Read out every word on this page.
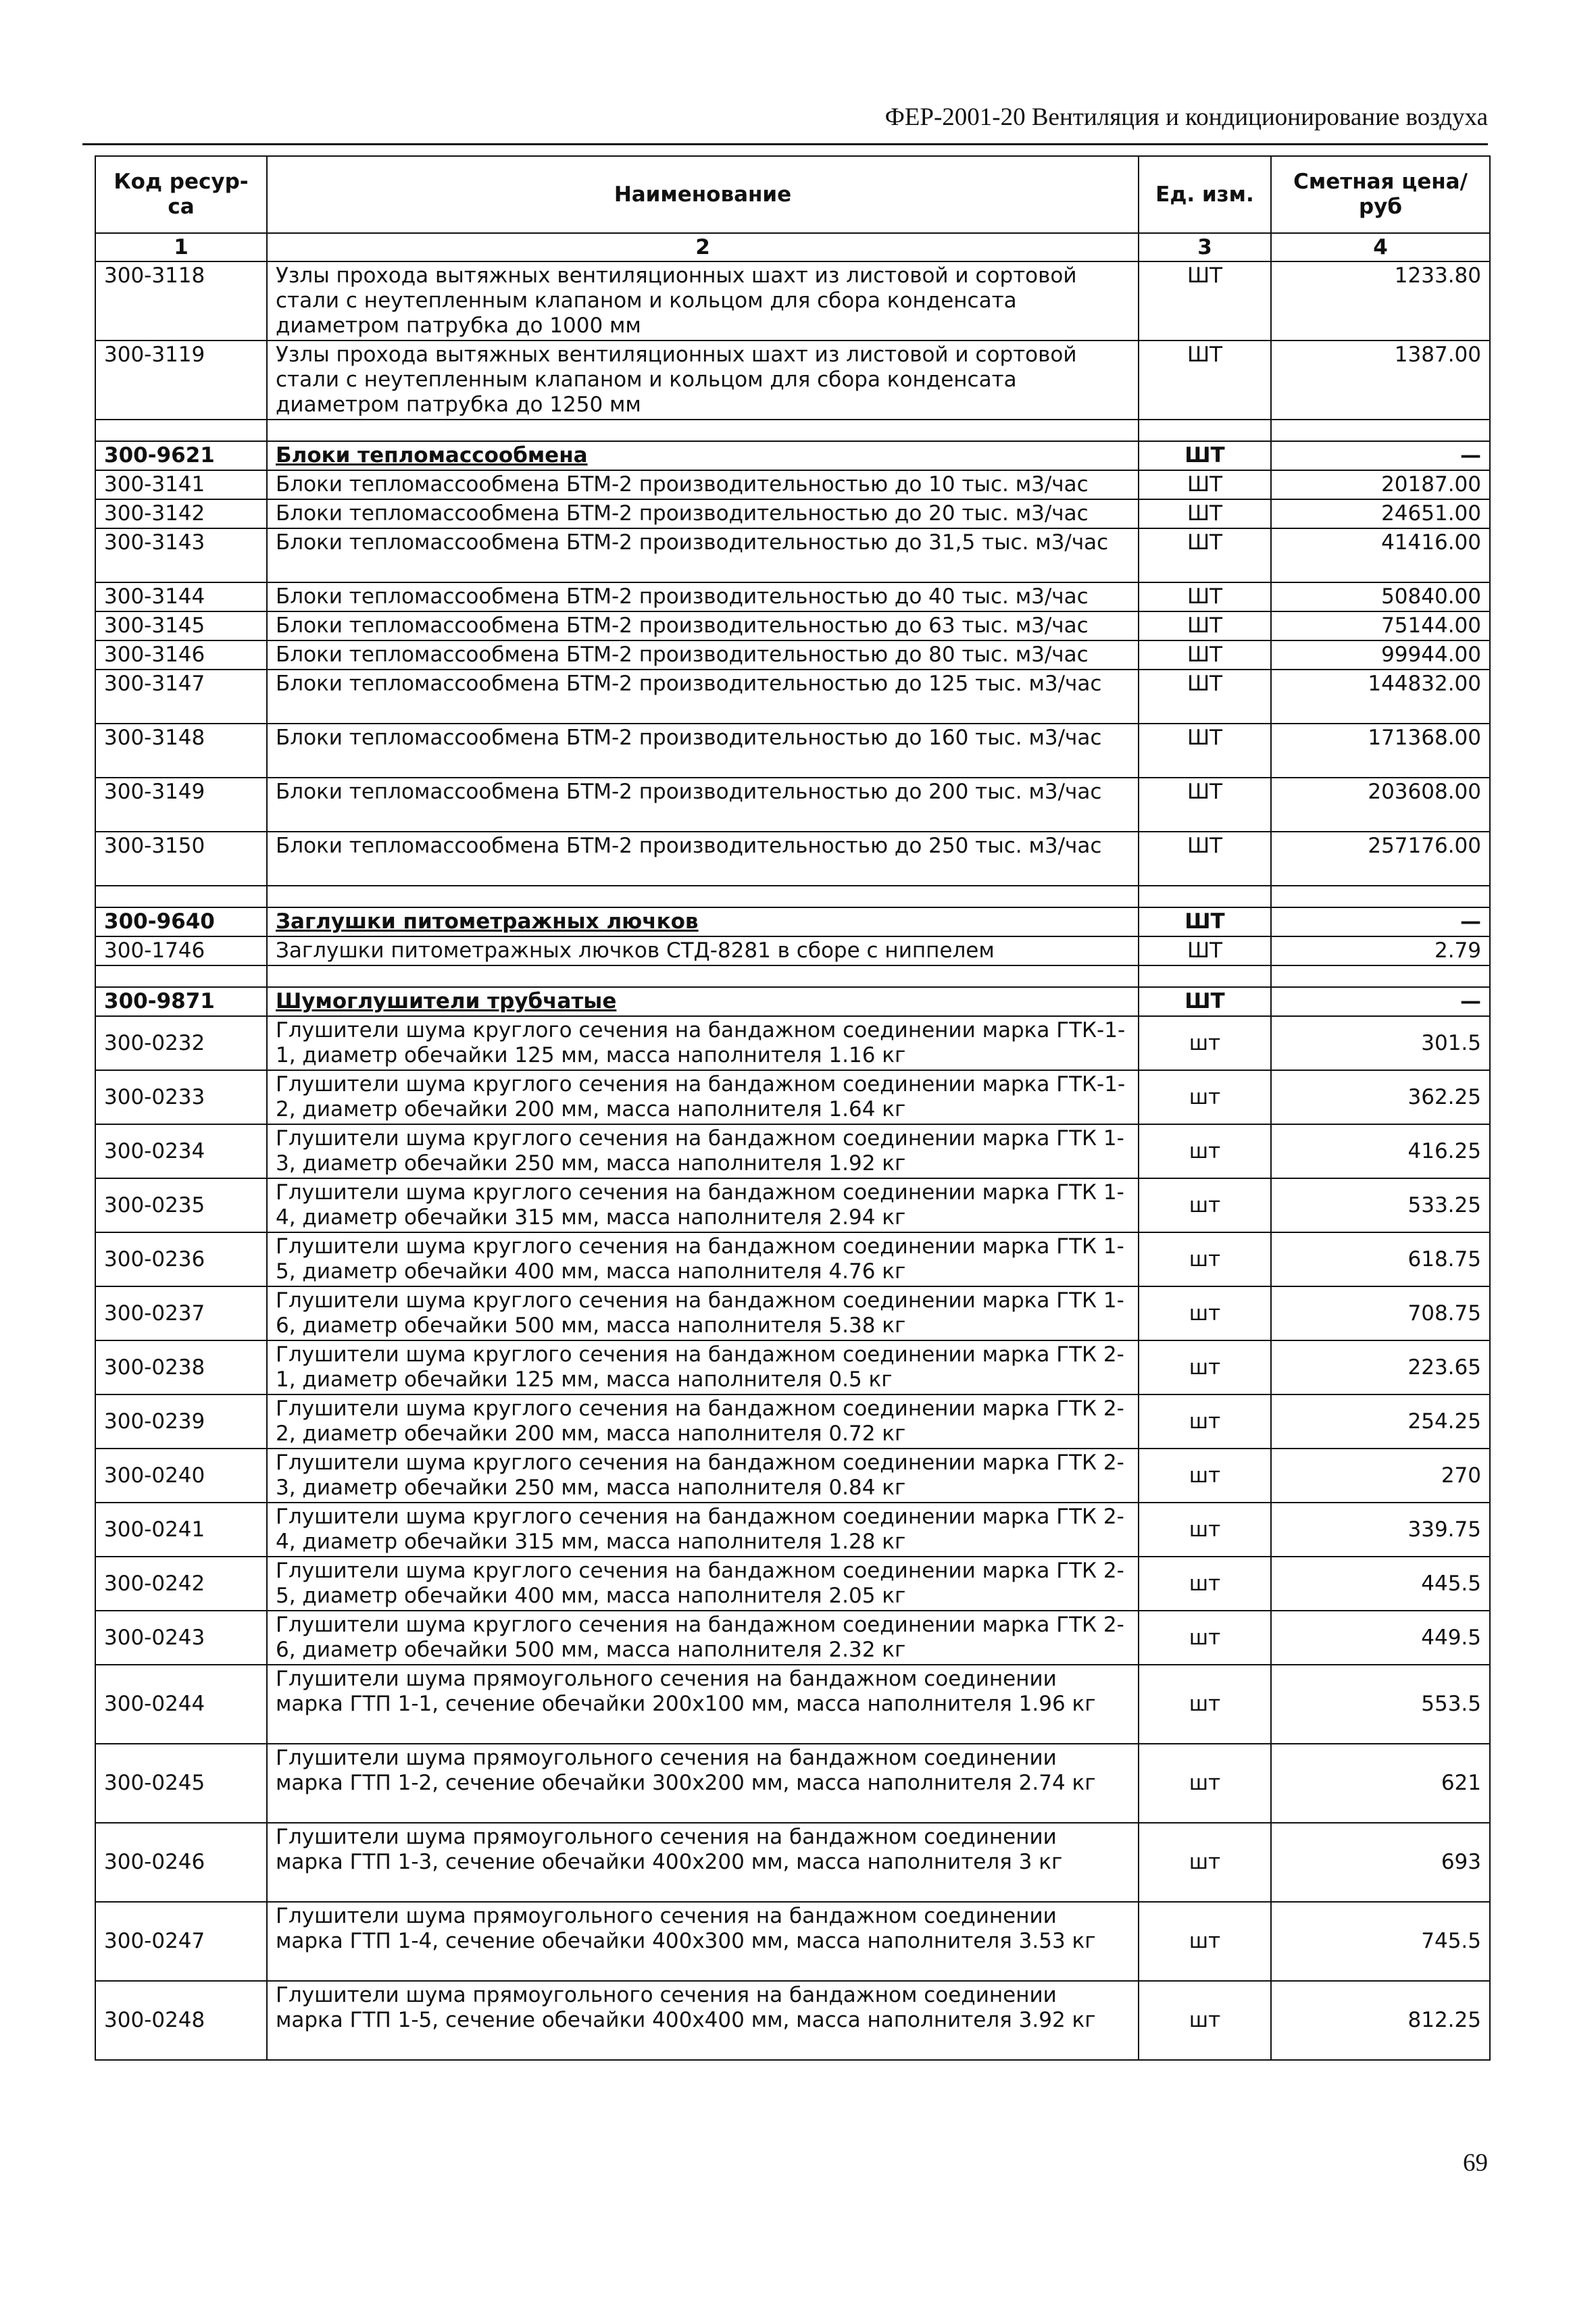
ФЕР-2001-20 Вентиляция и кондиционирование воздуха
Код ресур-са	Наименование	Ед. изм.	Сметная цена/руб
1	2	3	4
300-3118	Узлы прохода вытяжных вентиляционных шахт из листовой и сортовой стали с неутепленным клапаном и кольцом для сбора конденсата диаметром патрубка до 1000 мм	ШТ	1233.80
300-3119	Узлы прохода вытяжных вентиляционных шахт из листовой и сортовой стали с неутепленным клапаном и кольцом для сбора конденсата диаметром патрубка до 1250 мм	ШТ	1387.00

300-9621	Блоки тепломассообмена	ШТ	—
300-3141	Блоки тепломассообмена БТМ-2 производительностью до 10 тыс. м3/час	ШТ	20187.00
300-3142	Блоки тепломассообмена БТМ-2 производительностью до 20 тыс. м3/час	ШТ	24651.00
300-3143	Блоки тепломассообмена БТМ-2 производительностью до 31,5 тыс. м3/час	ШТ	41416.00
300-3144	Блоки тепломассообмена БТМ-2 производительностью до 40 тыс. м3/час	ШТ	50840.00
300-3145	Блоки тепломассообмена БТМ-2 производительностью до 63 тыс. м3/час	ШТ	75144.00
300-3146	Блоки тепломассообмена БТМ-2 производительностью до 80 тыс. м3/час	ШТ	99944.00
300-3147	Блоки тепломассообмена БТМ-2 производительностью до 125 тыс. м3/час	ШТ	144832.00
300-3148	Блоки тепломассообмена БТМ-2 производительностью до 160 тыс. м3/час	ШТ	171368.00
300-3149	Блоки тепломассообмена БТМ-2 производительностью до 200 тыс. м3/час	ШТ	203608.00
300-3150	Блоки тепломассообмена БТМ-2 производительностью до 250 тыс. м3/час	ШТ	257176.00

300-9640	Заглушки питометражных лючков	ШТ	—
300-1746	Заглушки питометражных лючков СТД-8281 в сборе с ниппелем	ШТ	2.79

300-9871	Шумоглушители трубчатые	ШТ	—
300-0232	Глушители шума круглого сечения на бандажном соединении марка ГТК-1-1, диаметр обечайки 125 мм, масса наполнителя 1.16 кг	шт	301.5
300-0233	Глушители шума круглого сечения на бандажном соединении марка ГТК-1-2, диаметр обечайки 200 мм, масса наполнителя 1.64 кг	шт	362.25
300-0234	Глушители шума круглого сечения на бандажном соединении марка ГТК 1-3, диаметр обечайки 250 мм, масса наполнителя 1.92 кг	шт	416.25
300-0235	Глушители шума круглого сечения на бандажном соединении марка ГТК 1-4, диаметр обечайки 315 мм, масса наполнителя 2.94 кг	шт	533.25
300-0236	Глушители шума круглого сечения на бандажном соединении марка ГТК 1-5, диаметр обечайки 400 мм, масса наполнителя 4.76 кг	шт	618.75
300-0237	Глушители шума круглого сечения на бандажном соединении марка ГТК 1-6, диаметр обечайки 500 мм, масса наполнителя 5.38 кг	шт	708.75
300-0238	Глушители шума круглого сечения на бандажном соединении марка ГТК 2-1, диаметр обечайки 125 мм, масса наполнителя 0.5 кг	шт	223.65
300-0239	Глушители шума круглого сечения на бандажном соединении марка ГТК 2-2, диаметр обечайки 200 мм, масса наполнителя 0.72 кг	шт	254.25
300-0240	Глушители шума круглого сечения на бандажном соединении марка ГТК 2-3, диаметр обечайки 250 мм, масса наполнителя 0.84 кг	шт	270
300-0241	Глушители шума круглого сечения на бандажном соединении марка ГТК 2-4, диаметр обечайки 315 мм, масса наполнителя 1.28 кг	шт	339.75
300-0242	Глушители шума круглого сечения на бандажном соединении марка ГТК 2-5, диаметр обечайки 400 мм, масса наполнителя 2.05 кг	шт	445.5
300-0243	Глушители шума круглого сечения на бандажном соединении марка ГТК 2-6, диаметр обечайки 500 мм, масса наполнителя 2.32 кг	шт	449.5
300-0244	Глушители шума прямоугольного сечения на бандажном соединении марка ГТП 1-1, сечение обечайки 200х100 мм, масса наполнителя 1.96 кг	шт	553.5
300-0245	Глушители шума прямоугольного сечения на бандажном соединении марка ГТП 1-2, сечение обечайки 300х200 мм, масса наполнителя 2.74 кг	шт	621
300-0246	Глушители шума прямоугольного сечения на бандажном соединении марка ГТП 1-3, сечение обечайки 400х200 мм, масса наполнителя 3 кг	шт	693
300-0247	Глушители шума прямоугольного сечения на бандажном соединении марка ГТП 1-4, сечение обечайки 400х300 мм, масса наполнителя 3.53 кг	шт	745.5
300-0248	Глушители шума прямоугольного сечения на бандажном соединении марка ГТП 1-5, сечение обечайки 400х400 мм, масса наполнителя 3.92 кг	шт	812.25
69
